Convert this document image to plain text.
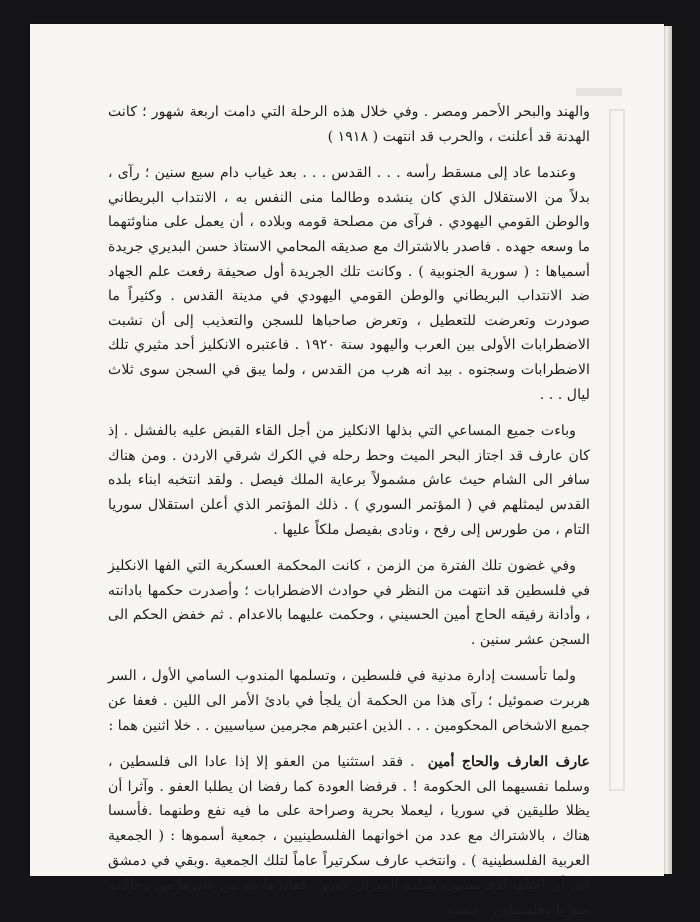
والهند والبحر الأحمر ومصر . وفي خلال هذه الرحلة التي دامت اربعة شهور ؛ كانت الهدنة قد أعلنت ، والحرب قد انتهت ( ١٩١٨ )

وعندما عاد إلى مسقط رأسه . . . القدس . . . بعد غياب دام سبع سنين ؛ رآى ، بدلاً من الاستقلال الذي كان ينشده وطالما منى النفس به ، الانتداب البريطاني والوطن القومي اليهودي . فرآى من مصلحة قومه وبلاده ، أن يعمل على مناوئتهما ما وسعه جهده . فاصدر بالاشتراك مع صديقه المحامي الاستاذ حسن البديري جريدة أسمياها : ( سورية الجنوبية ) . وكانت تلك الجريدة أول صحيفة رفعت علم الجهاد ضد الانتداب البريطاني والوطن القومي اليهودي في مدينة القدس . وكثيراً ما صودرت وتعرضت للتعطيل ، وتعرض صاحباها للسجن والتعذيب إلى أن نشبت الاضطرابات الأولى بين العرب واليهود سنة ١٩٢٠ . فاعتبره الانكليز أحد مثيري تلك الاضطرابات وسجنوه . بيد انه هرب من القدس ، ولما يبق في السجن سوى ثلاث ليال . . .

وباءت جميع المساعي التي بذلها الانكليز من أجل القاء القبض عليه بالفشل . إذ كان عارف قد اجتاز البحر الميت وحط رحله في الكرك شرقي الاردن . ومن هناك سافر الى الشام حيث عاش مشمولاً برعاية الملك فيصل . ولقد انتخبه ابناء بلده القدس ليمثلهم في ( المؤتمر السوري ) . ذلك المؤتمر الذي أعلن استقلال سوريا التام ، من طورس إلى رفح ، ونادى بفيصل ملكاً عليها .

وفي غضون تلك الفترة من الزمن ، كانت المحكمة العسكرية التي الفها الانكليز في فلسطين قد انتهت من النظر في حوادث الاضطرابات ؛ وأصدرت حكمها بادانته ، وأدانة رفيقه الحاج أمين الحسيني ، وحكمت عليهما بالاعدام . ثم خفض الحكم الى السجن عشر سنين .

ولما تأسست إدارة مدنية في فلسطين ، وتسلمها المندوب السامي الأول ، السر هربرت صموئيل ؛ رآى هذا من الحكمة أن يلجأ في بادئ الأمر الى اللين . فعفا عن جميع الاشخاص المحكومين . . . الذين اعتبرهم مجرمين سياسيين . . خلا اثنين هما :

عارف العارف والحاج أمين . فقد استثنيا من العفو إلا إذا عادا الى فلسطين ، وسلما نفسيهما الى الحكومة ! . فرفضا العودة كما رفضا ان يطلبا العفو . وآثرا أن يظلا طليقين في سوريا ، ليعملا بحرية وصراحة على ما فيه نفع وطنهما .فأسسا هناك ، بالاشتراك مع عدد من اخوانهما الفلسطينيين ، جمعية أسموها : ( الجمعية العربية الفلسطينية ) . وانتخب عارف سكرتيراً عاماً لتلك الجمعية .وبقي في دمشق الى أن احتلها الافرنسيون بقيادة الجنرال غورو . فغادرها مع من غادرها من رجالات سوريا وفلسطين ، خشية
